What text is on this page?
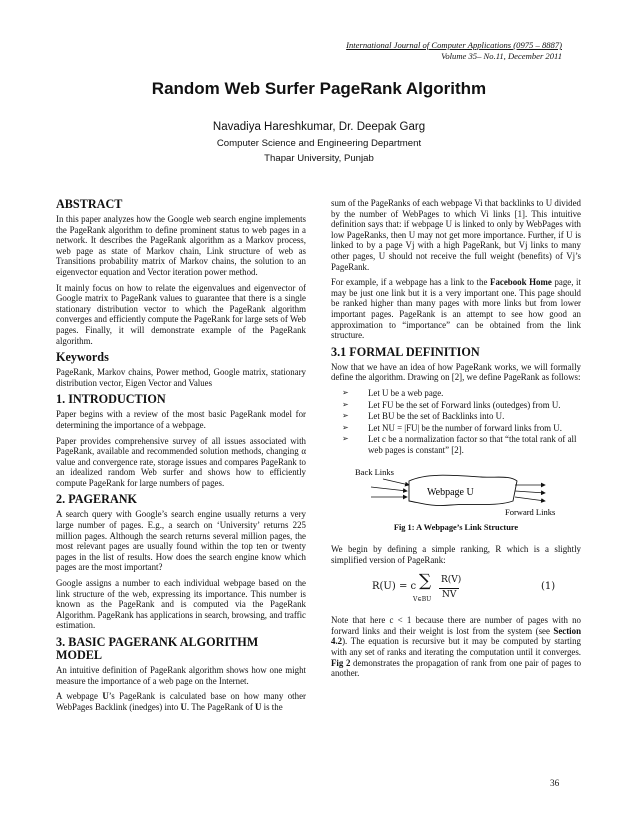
International Journal of Computer Applications (0975 – 8887)
Volume 35– No.11, December 2011
Random Web Surfer PageRank Algorithm
Navadiya Hareshkumar, Dr. Deepak Garg
Computer Science and Engineering Department
Thapar University, Punjab
ABSTRACT

In this paper analyzes how the Google web search engine implements the PageRank algorithm to define prominent status to web pages in a network. It describes the PageRank algorithm as a Markov process, web page as state of Markov chain, Link structure of web as Transitions probability matrix of Markov chains, the solution to an eigenvector equation and Vector iteration power method.

It mainly focus on how to relate the eigenvalues and eigenvector of Google matrix to PageRank values to guarantee that there is a single stationary distribution vector to which the PageRank algorithm converges and efficiently compute the PageRank for large sets of Web pages. Finally, it will demonstrate example of the PageRank algorithm.

Keywords

PageRank, Markov chains, Power method, Google matrix, stationary distribution vector, Eigen Vector and Values

1. INTRODUCTION

Paper begins with a review of the most basic PageRank model for determining the importance of a webpage.

Paper provides comprehensive survey of all issues associated with PageRank, available and recommended solution methods, changing α value and convergence rate, storage issues and compares PageRank to an idealized random Web surfer and shows how to efficiently compute PageRank for large numbers of pages.

2. PAGERANK

A search query with Google’s search engine usually returns a very large number of pages. E.g., a search on ‘University’ returns 225 million pages. Although the search returns several million pages, the most relevant pages are usually found within the top ten or twenty pages in the list of results. How does the search engine know which pages are the most important?

Google assigns a number to each individual webpage based on the link structure of the web, expressing its importance. This number is known as the PageRank and is computed via the PageRank Algorithm. PageRank has applications in search, browsing, and traffic estimation.

3. BASIC PAGERANK ALGORITHM MODEL

An intuitive definition of PageRank algorithm shows how one might measure the importance of a web page on the Internet.

A webpage U’s PageRank is calculated base on how many other WebPages Backlink (inedges) into U. The PageRank of U is the

sum of the PageRanks of each webpage Vi that backlinks to U divided by the number of WebPages to which Vi links [1]. This intuitive definition says that: if webpage U is linked to only by WebPages with low PageRanks, then U may not get more importance. Further, if U is linked to by a page Vj with a high PageRank, but Vj links to many other pages, U should not receive the full weight (benefits) of Vj’s PageRank.

For example, if a webpage has a link to the Facebook Home page, it may be just one link but it is a very important one. This page should be ranked higher than many pages with more links but from lower important pages. PageRank is an attempt to see how good an approximation to “importance” can be obtained from the link structure.

3.1 FORMAL DEFINITION

Now that we have an idea of how PageRank works, we will formally define the algorithm. Drawing on [2], we define PageRank as follows:

➢ Let U be a web page.
➢ Let FU be the set of Forward links (outedges) from U.
➢ Let BU be the set of Backlinks into U.
➢ Let NU = |FU| be the number of forward links from U.
➢ Let c be a normalization factor so that “the total rank of all web pages is constant” [2].
Back Links
Webpage U
Forward Links
Fig 1: A Webpage’s Link Structure

We begin by defining a simple ranking, R which is a slightly simplified version of PageRank:

R(U) = c ∑
V∈BU
R(V)
NV
(1)

Note that here c < 1 because there are number of pages with no forward links and their weight is lost from the system (see Section 4.2). The equation is recursive but it may be computed by starting with any set of ranks and iterating the computation until it converges. Fig 2 demonstrates the propagation of rank from one pair of pages to another.

36
